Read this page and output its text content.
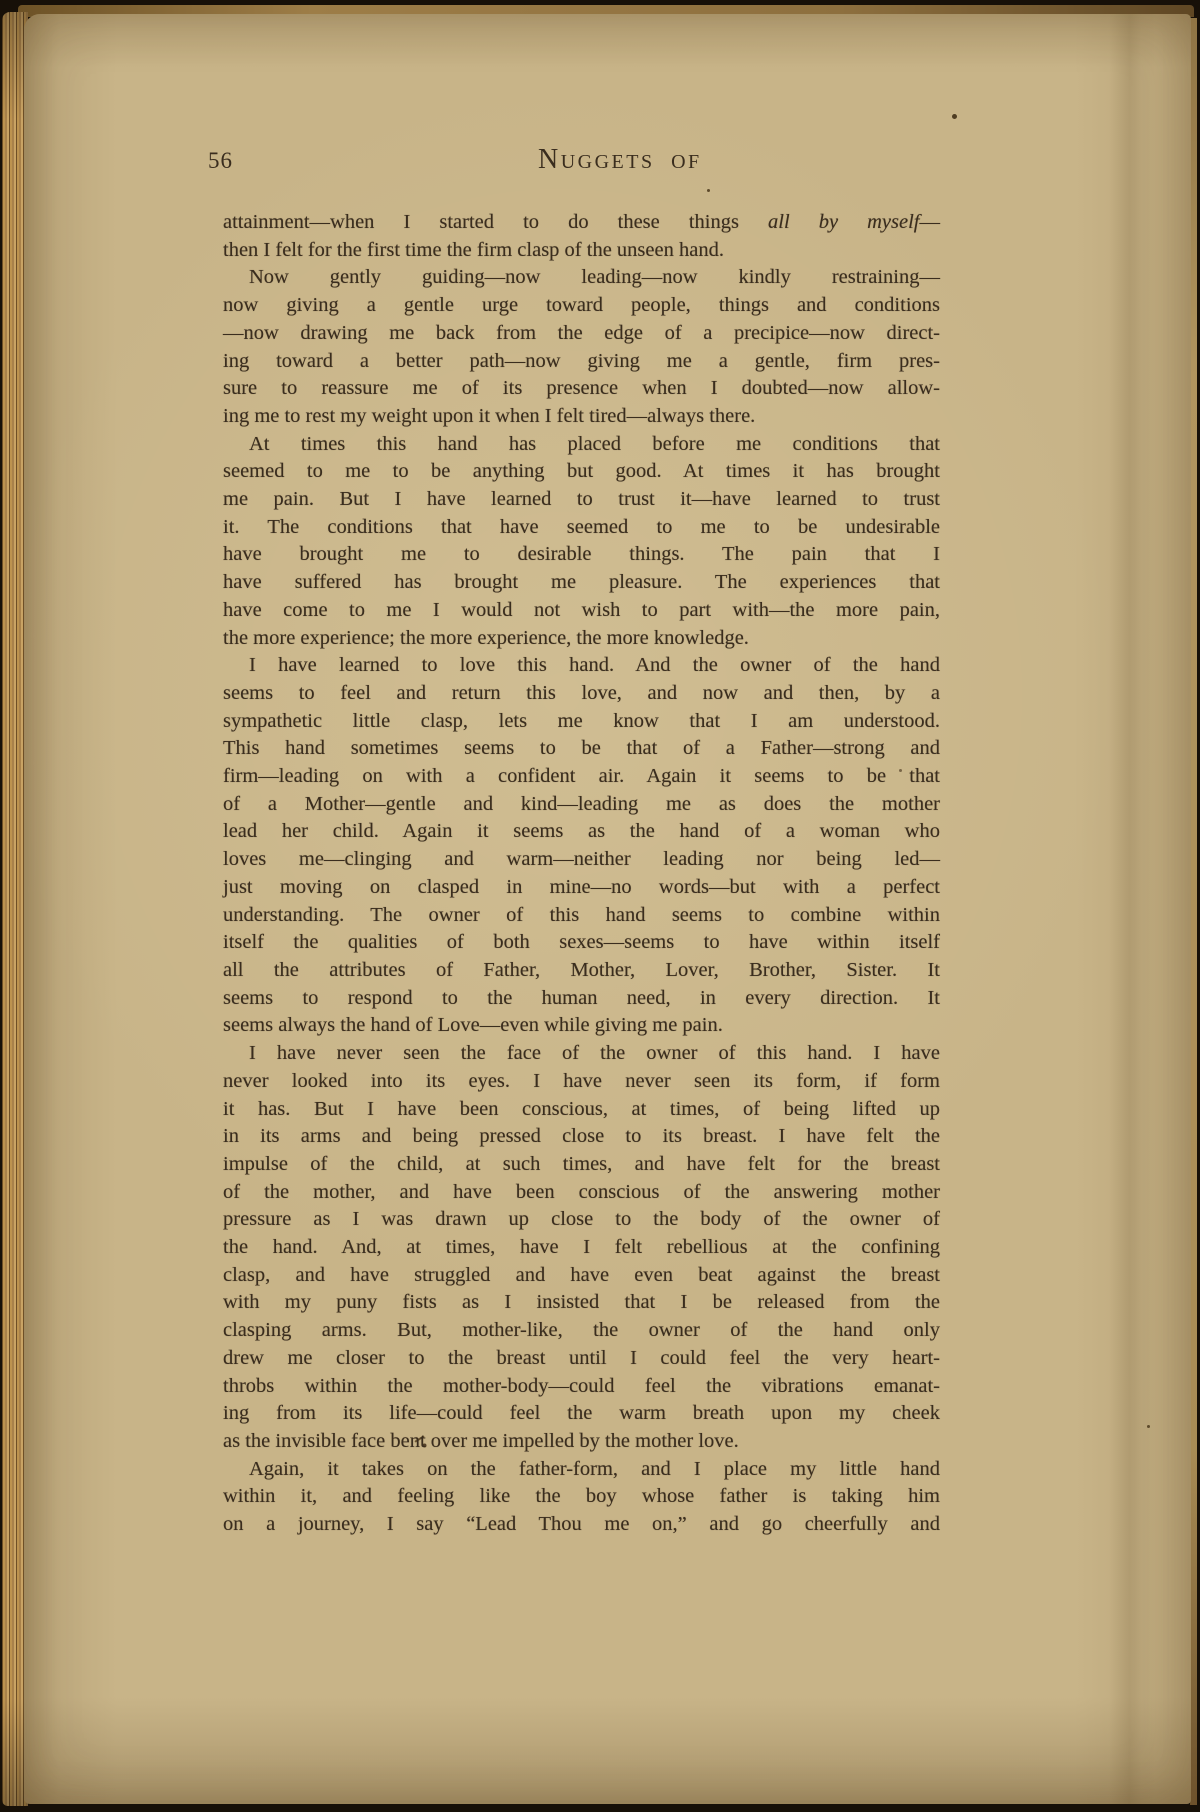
56	Nuggets of
attainment—when I started to do these things all by myself—
then I felt for the first time the firm clasp of the unseen hand.
Now gently guiding—now leading—now kindly restraining—
now giving a gentle urge toward people, things and conditions
—now drawing me back from the edge of a precipice—now direct-
ing toward a better path—now giving me a gentle, firm pres-
sure to reassure me of its presence when I doubted—now allow-
ing me to rest my weight upon it when I felt tired—always there.
At times this hand has placed before me conditions that
seemed to me to be anything but good. At times it has brought
me pain. But I have learned to trust it—have learned to trust
it. The conditions that have seemed to me to be undesirable
have brought me to desirable things. The pain that I
have suffered has brought me pleasure. The experiences that
have come to me I would not wish to part with—the more pain,
the more experience; the more experience, the more knowledge.
I have learned to love this hand. And the owner of the hand
seems to feel and return this love, and now and then, by a
sympathetic little clasp, lets me know that I am understood.
This hand sometimes seems to be that of a Father—strong and
firm—leading on with a confident air. Again it seems to be that
of a Mother—gentle and kind—leading me as does the mother
lead her child. Again it seems as the hand of a woman who
loves me—clinging and warm—neither leading nor being led—
just moving on clasped in mine—no words—but with a perfect
understanding. The owner of this hand seems to combine within
itself the qualities of both sexes—seems to have within itself
all the attributes of Father, Mother, Lover, Brother, Sister. It
seems to respond to the human need, in every direction. It
seems always the hand of Love—even while giving me pain.
I have never seen the face of the owner of this hand. I have
never looked into its eyes. I have never seen its form, if form
it has. But I have been conscious, at times, of being lifted up
in its arms and being pressed close to its breast. I have felt the
impulse of the child, at such times, and have felt for the breast
of the mother, and have been conscious of the answering mother
pressure as I was drawn up close to the body of the owner of
the hand. And, at times, have I felt rebellious at the confining
clasp, and have struggled and have even beat against the breast
with my puny fists as I insisted that I be released from the
clasping arms. But, mother-like, the owner of the hand only
drew me closer to the breast until I could feel the very heart-
throbs within the mother-body—could feel the vibrations emanat-
ing from its life—could feel the warm breath upon my cheek
as the invisible face bent over me impelled by the mother love.
Again, it takes on the father-form, and I place my little hand
within it, and feeling like the boy whose father is taking him
on a journey, I say “Lead Thou me on,” and go cheerfully and
